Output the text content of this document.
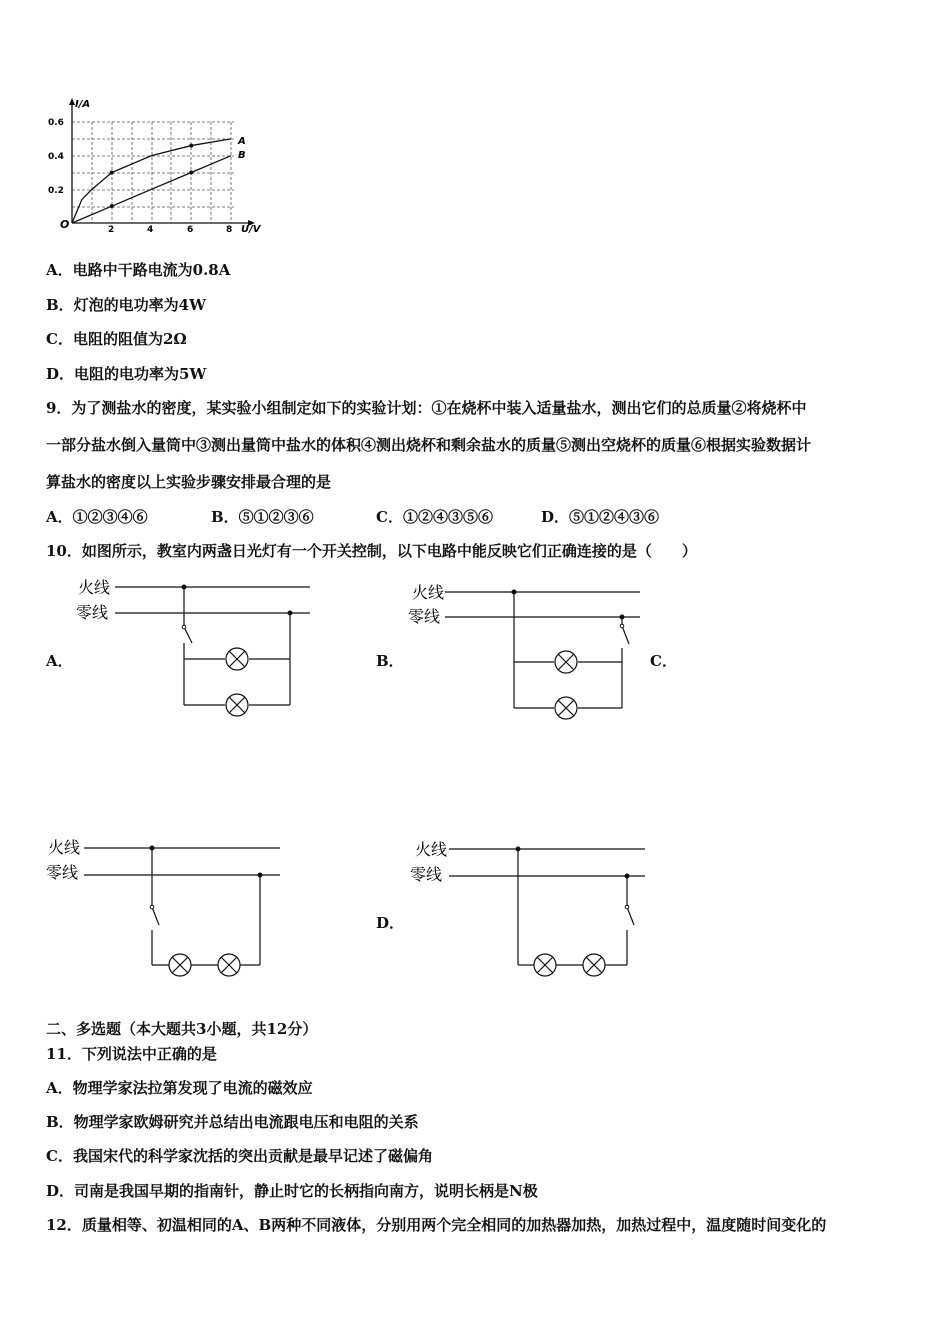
I/A
U/V
O
0.6
0.4
0.2
2	4	6	8
A
B
A．电路中干路电流为0.8A
B．灯泡的电功率为4W
C．电阻的阻值为2Ω
D．电阻的电功率为5W
9．为了测盐水的密度，某实验小组制定如下的实验计划：①在烧杯中装入适量盐水，测出它们的总质量②将烧杯中
一部分盐水倒入量筒中③测出量筒中盐水的体积④测出烧杯和剩余盐水的质量⑤测出空烧杯的质量⑥根据实验数据计
算盐水的密度以上实验步骤安排最合理的是
A．①②③④⑥	B．⑤①②③⑥	C．①②④③⑤⑥	D．⑤①②④③⑥
10．如图所示，教室内两盏日光灯有一个开关控制，以下电路中能反映它们正确连接的是（　　）
火线
零线
A．
火线
零线
B．	C．
火线
零线
火线
零线
D．
二、多选题（本大题共3小题，共12分）
11．下列说法中正确的是
A．物理学家法拉第发现了电流的磁效应
B．物理学家欧姆研究并总结出电流跟电压和电阻的关系
C．我国宋代的科学家沈括的突出贡献是最早记述了磁偏角
D．司南是我国早期的指南针，静止时它的长柄指向南方，说明长柄是N极
12．质量相等、初温相同的A、B两种不同液体，分别用两个完全相同的加热器加热，加热过程中，温度随时间变化的
